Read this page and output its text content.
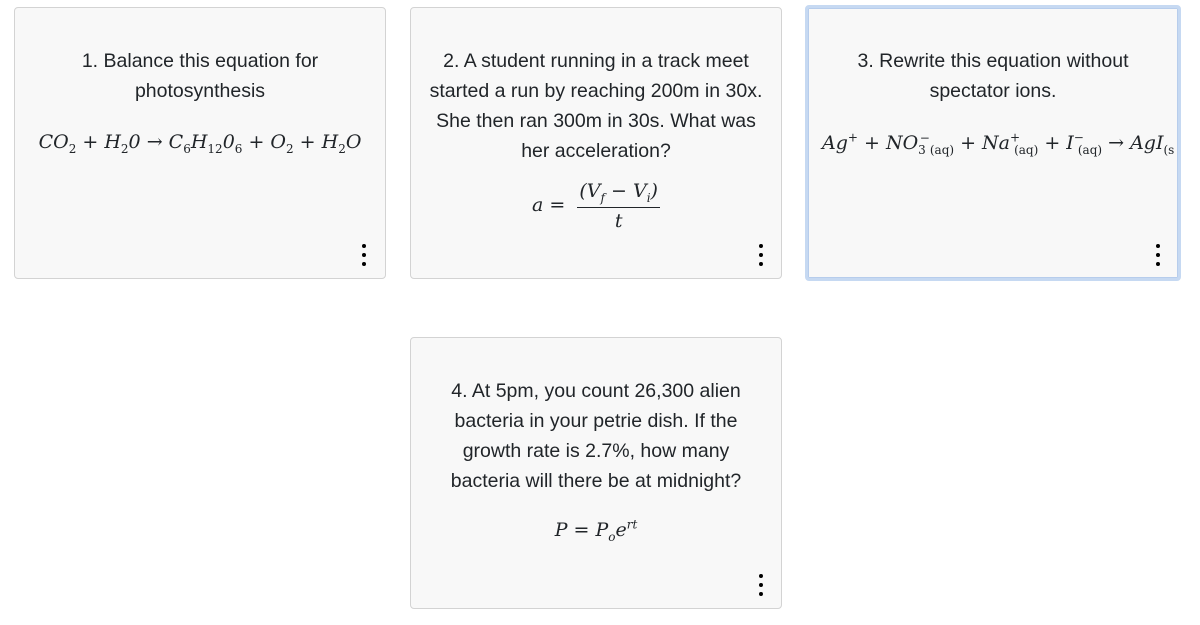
1. Balance this equation for photosynthesis
$CO_2 + H_20 \to C_6H_{12}0_6 + O_2 + H_2O$
2. A student running in a track meet started a run by reaching 200m in 30x. She then ran 300m in 30s. What was her acceleration?
$a = \frac{(V_f - V_i)}{t}$
3. Rewrite this equation without spectator ions.
$Ag^+ + NO_3^-_{(aq)} + Na^+_{(aq)} + I^-_{(aq)} \to AgI_{(s}$
4. At 5pm, you count 26,300 alien bacteria in your petrie dish. If the growth rate is 2.7%, how many bacteria will there be at midnight?
$P = P_oe^{rt}$
